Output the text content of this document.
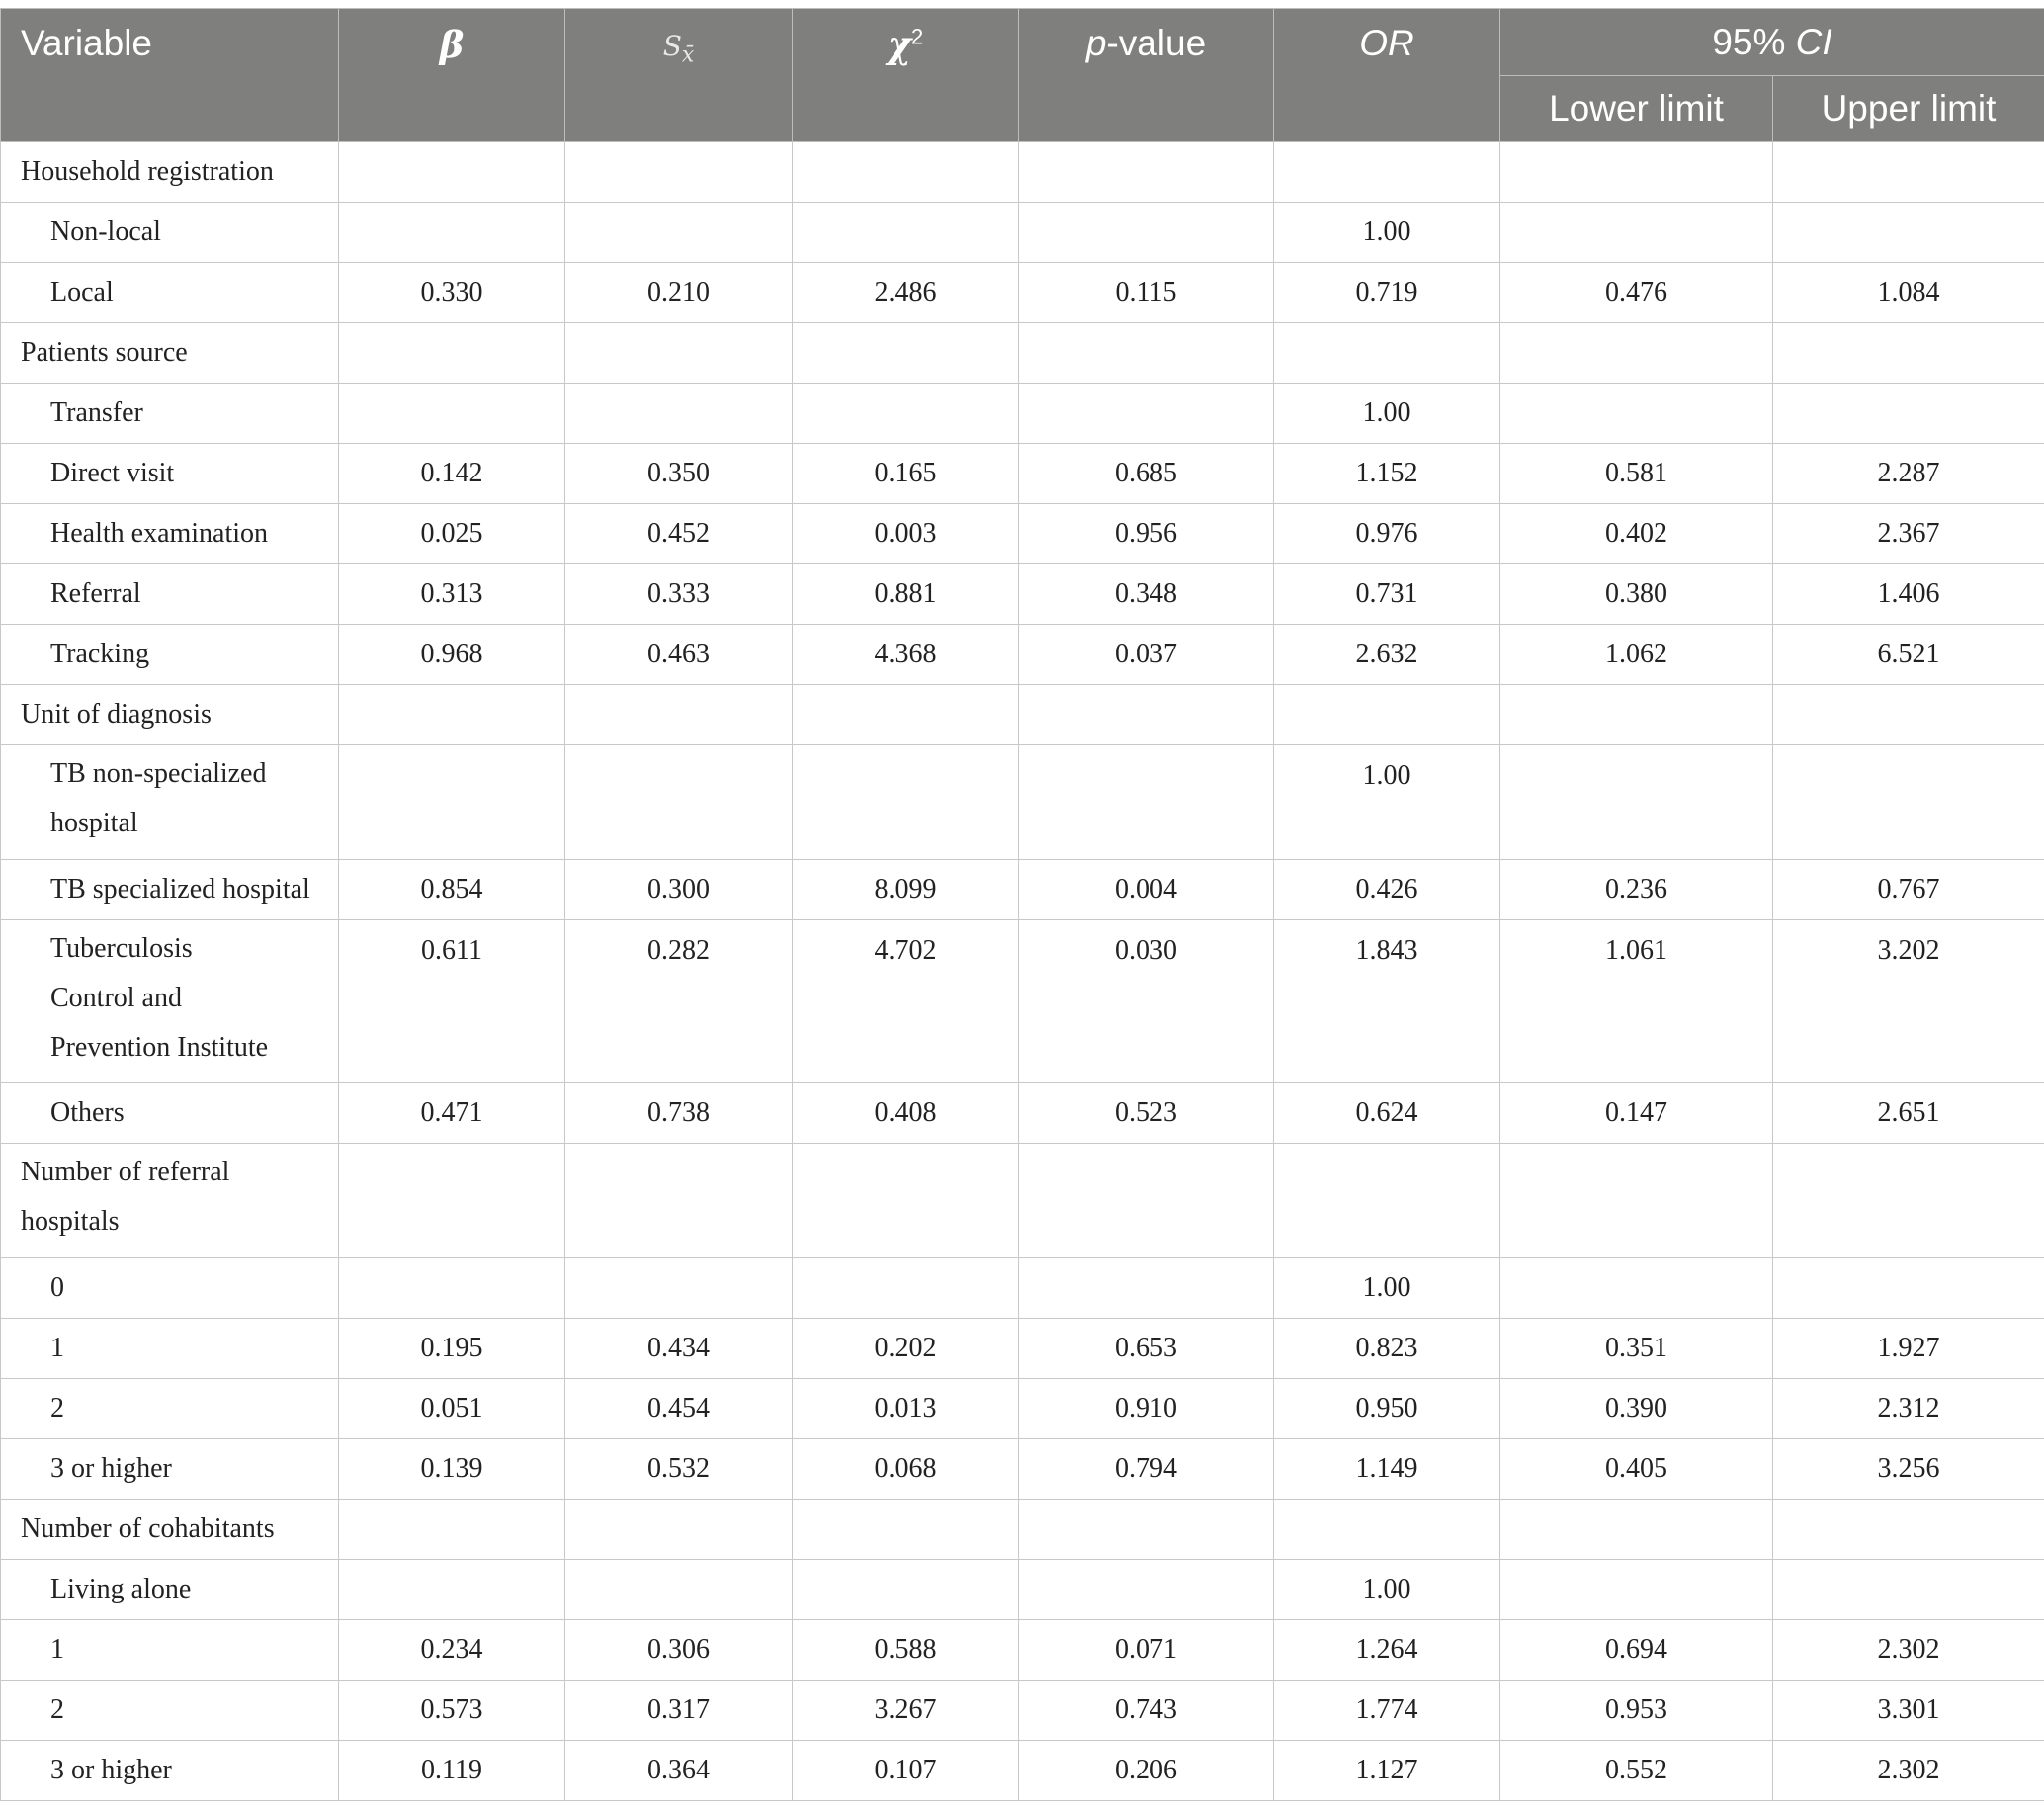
Variable	β	$S_{x̄}$	$\chi^2$	p-value	OR	95% CI	
						Lower limit	Upper limit
Household registration							
Non-local					1.00		
Local	0.330	0.210	2.486	0.115	0.719	0.476	1.084
Patients source							
Transfer					1.00		
Direct visit	0.142	0.350	0.165	0.685	1.152	0.581	2.287
Health examination	0.025	0.452	0.003	0.956	0.976	0.402	2.367
Referral	0.313	0.333	0.881	0.348	0.731	0.380	1.406
Tracking	0.968	0.463	4.368	0.037	2.632	1.062	6.521
Unit of diagnosis							
TB non-specialized hospital					1.00		
TB specialized hospital	0.854	0.300	8.099	0.004	0.426	0.236	0.767
Tuberculosis Control and Prevention Institute	0.611	0.282	4.702	0.030	1.843	1.061	3.202
Others	0.471	0.738	0.408	0.523	0.624	0.147	2.651
Number of referral hospitals							
0					1.00		
1	0.195	0.434	0.202	0.653	0.823	0.351	1.927
2	0.051	0.454	0.013	0.910	0.950	0.390	2.312
3 or higher	0.139	0.532	0.068	0.794	1.149	0.405	3.256
Number of cohabitants							
Living alone					1.00		
1	0.234	0.306	0.588	0.071	1.264	0.694	2.302
2	0.573	0.317	3.267	0.743	1.774	0.953	3.301
3 or higher	0.119	0.364	0.107	0.206	1.127	0.552	2.302
